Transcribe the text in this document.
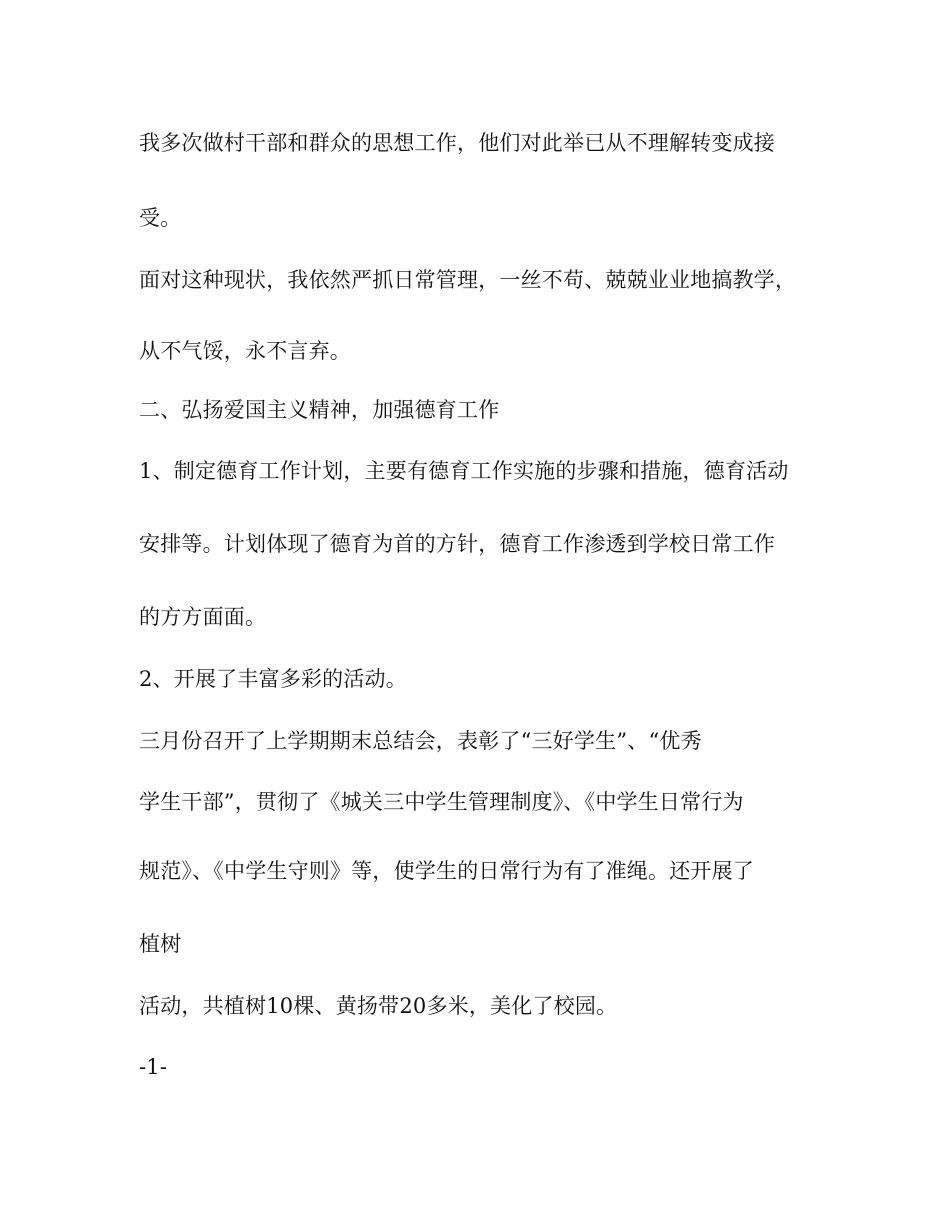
我多次做村干部和群众的思想工作，他们对此举已从不理解转变成接

受。

面对这种现状，我依然严抓日常管理，一丝不苟、兢兢业业地搞教学，

从不气馁，永不言弃。

二、弘扬爱国主义精神，加强德育工作

1、制定德育工作计划，主要有德育工作实施的步骤和措施，德育活动

安排等。计划体现了德育为首的方针，德育工作渗透到学校日常工作

的方方面面。

2、开展了丰富多彩的活动。

三月份召开了上学期期末总结会，表彰了“三好学生”、“优秀

学生干部”，贯彻了《城关三中学生管理制度》、《中学生日常行为

规范》、《中学生守则》等，使学生的日常行为有了准绳。还开展了

植树

活动，共植树10棵、黄扬带20多米，美化了校园。

-1-
